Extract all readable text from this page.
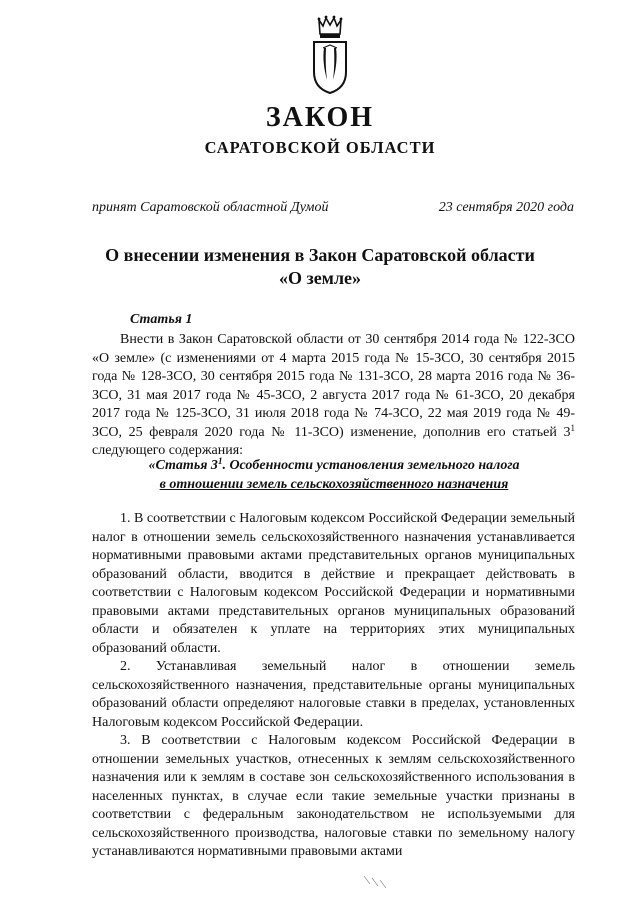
ЗАКОН
САРАТОВСКОЙ ОБЛАСТИ
принят Саратовской областной Думой	23 сентября 2020 года
О внесении изменения в Закон Саратовской области
«О земле»
Статья 1
Внести в Закон Саратовской области от 30 сентября 2014 года № 122-ЗСО «О земле» (с изменениями от 4 марта 2015 года № 15-ЗСО, 30 сентября 2015 года № 128-ЗСО, 30 сентября 2015 года № 131-ЗСО, 28 марта 2016 года № 36-ЗСО, 31 мая 2017 года № 45-ЗСО, 2 августа 2017 года № 61-ЗСО, 20 декабря 2017 года № 125-ЗСО, 31 июля 2018 года № 74-ЗСО, 22 мая 2019 года № 49-ЗСО, 25 февраля 2020 года № 11-ЗСО) изменение, дополнив его статьей $3^1$ следующего содержания:
«Статья $3^1$. Особенности установления земельного налога
в отношении земель сельскохозяйственного назначения

1. В соответствии с Налоговым кодексом Российской Федерации земельный налог в отношении земель сельскохозяйственного назначения устанавливается нормативными правовыми актами представительных органов муниципальных образований области, вводится в действие и прекращает действовать в соответствии с Налоговым кодексом Российской Федерации и нормативными правовыми актами представительных органов муниципальных образований области и обязателен к уплате на территориях этих муниципальных образований области.

2. Устанавливая земельный налог в отношении земель сельскохозяйственного назначения, представительные органы муниципальных образований области определяют налоговые ставки в пределах, установленных Налоговым кодексом Российской Федерации.

3. В соответствии с Налоговым кодексом Российской Федерации в отношении земельных участков, отнесенных к землям сельскохозяйственного назначения или к землям в составе зон сельскохозяйственного использования в населенных пунктах, в случае если такие земельные участки признаны в соответствии с федеральным законодательством не используемыми для сельскохозяйственного производства, налоговые ставки по земельному налогу устанавливаются нормативными правовыми актами
